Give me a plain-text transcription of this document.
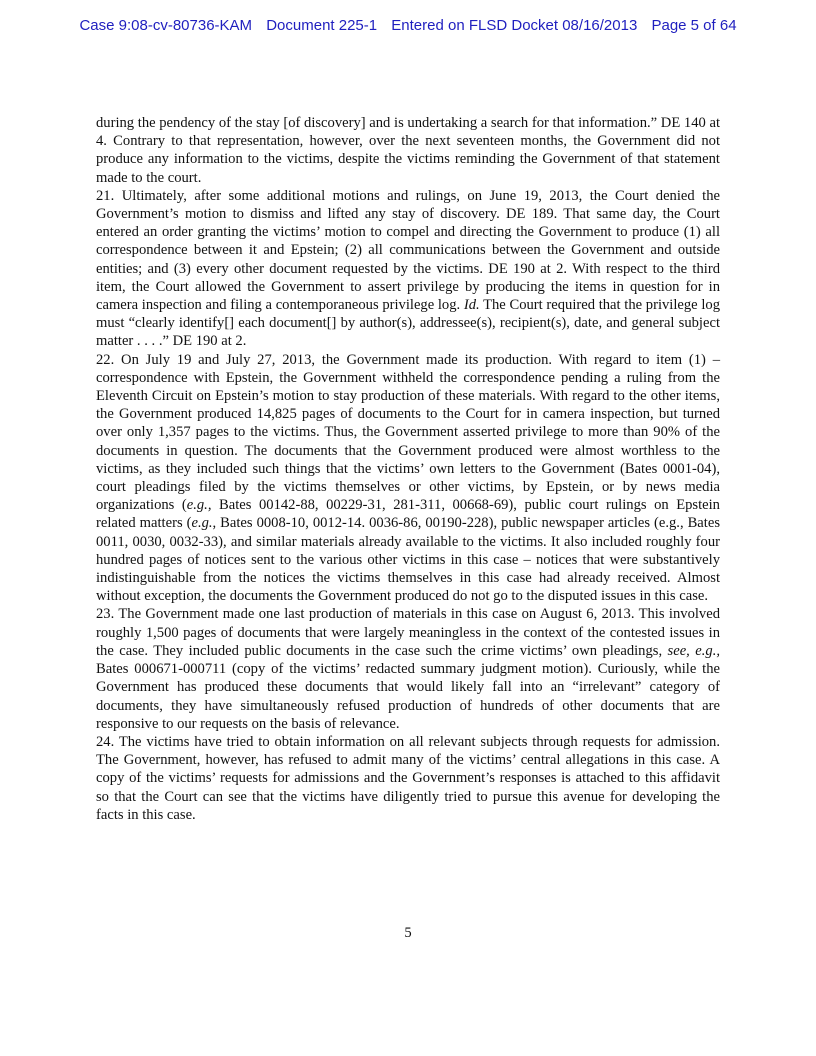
Case 9:08-cv-80736-KAM Document 225-1 Entered on FLSD Docket 08/16/2013 Page 5 of 64

during the pendency of the stay [of discovery] and is undertaking a search for that information.” DE 140 at 4. Contrary to that representation, however, over the next seventeen months, the Government did not produce any information to the victims, despite the victims reminding the Government of that statement made to the court.

21. Ultimately, after some additional motions and rulings, on June 19, 2013, the Court denied the Government’s motion to dismiss and lifted any stay of discovery. DE 189. That same day, the Court entered an order granting the victims’ motion to compel and directing the Government to produce (1) all correspondence between it and Epstein; (2) all communications between the Government and outside entities; and (3) every other document requested by the victims. DE 190 at 2. With respect to the third item, the Court allowed the Government to assert privilege by producing the items in question for in camera inspection and filing a contemporaneous privilege log. Id. The Court required that the privilege log must “clearly identify[] each document[] by author(s), addressee(s), recipient(s), date, and general subject matter . . . .” DE 190 at 2.

22. On July 19 and July 27, 2013, the Government made its production. With regard to item (1) – correspondence with Epstein, the Government withheld the correspondence pending a ruling from the Eleventh Circuit on Epstein’s motion to stay production of these materials. With regard to the other items, the Government produced 14,825 pages of documents to the Court for in camera inspection, but turned over only 1,357 pages to the victims. Thus, the Government asserted privilege to more than 90% of the documents in question. The documents that the Government produced were almost worthless to the victims, as they included such things that the victims’ own letters to the Government (Bates 0001-04), court pleadings filed by the victims themselves or other victims, by Epstein, or by news media organizations (e.g., Bates 00142-88, 00229-31, 281-311, 00668-69), public court rulings on Epstein related matters (e.g., Bates 0008-10, 0012-14. 0036-86, 00190-228), public newspaper articles (e.g., Bates 0011, 0030, 0032-33), and similar materials already available to the victims. It also included roughly four hundred pages of notices sent to the various other victims in this case – notices that were substantively indistinguishable from the notices the victims themselves in this case had already received. Almost without exception, the documents the Government produced do not go to the disputed issues in this case.

23. The Government made one last production of materials in this case on August 6, 2013. This involved roughly 1,500 pages of documents that were largely meaningless in the context of the contested issues in the case. They included public documents in the case such the crime victims’ own pleadings, see, e.g., Bates 000671-000711 (copy of the victims’ redacted summary judgment motion). Curiously, while the Government has produced these documents that would likely fall into an “irrelevant” category of documents, they have simultaneously refused production of hundreds of other documents that are responsive to our requests on the basis of relevance.

24. The victims have tried to obtain information on all relevant subjects through requests for admission. The Government, however, has refused to admit many of the victims’ central allegations in this case. A copy of the victims’ requests for admissions and the Government’s responses is attached to this affidavit so that the Court can see that the victims have diligently tried to pursue this avenue for developing the facts in this case.

5
